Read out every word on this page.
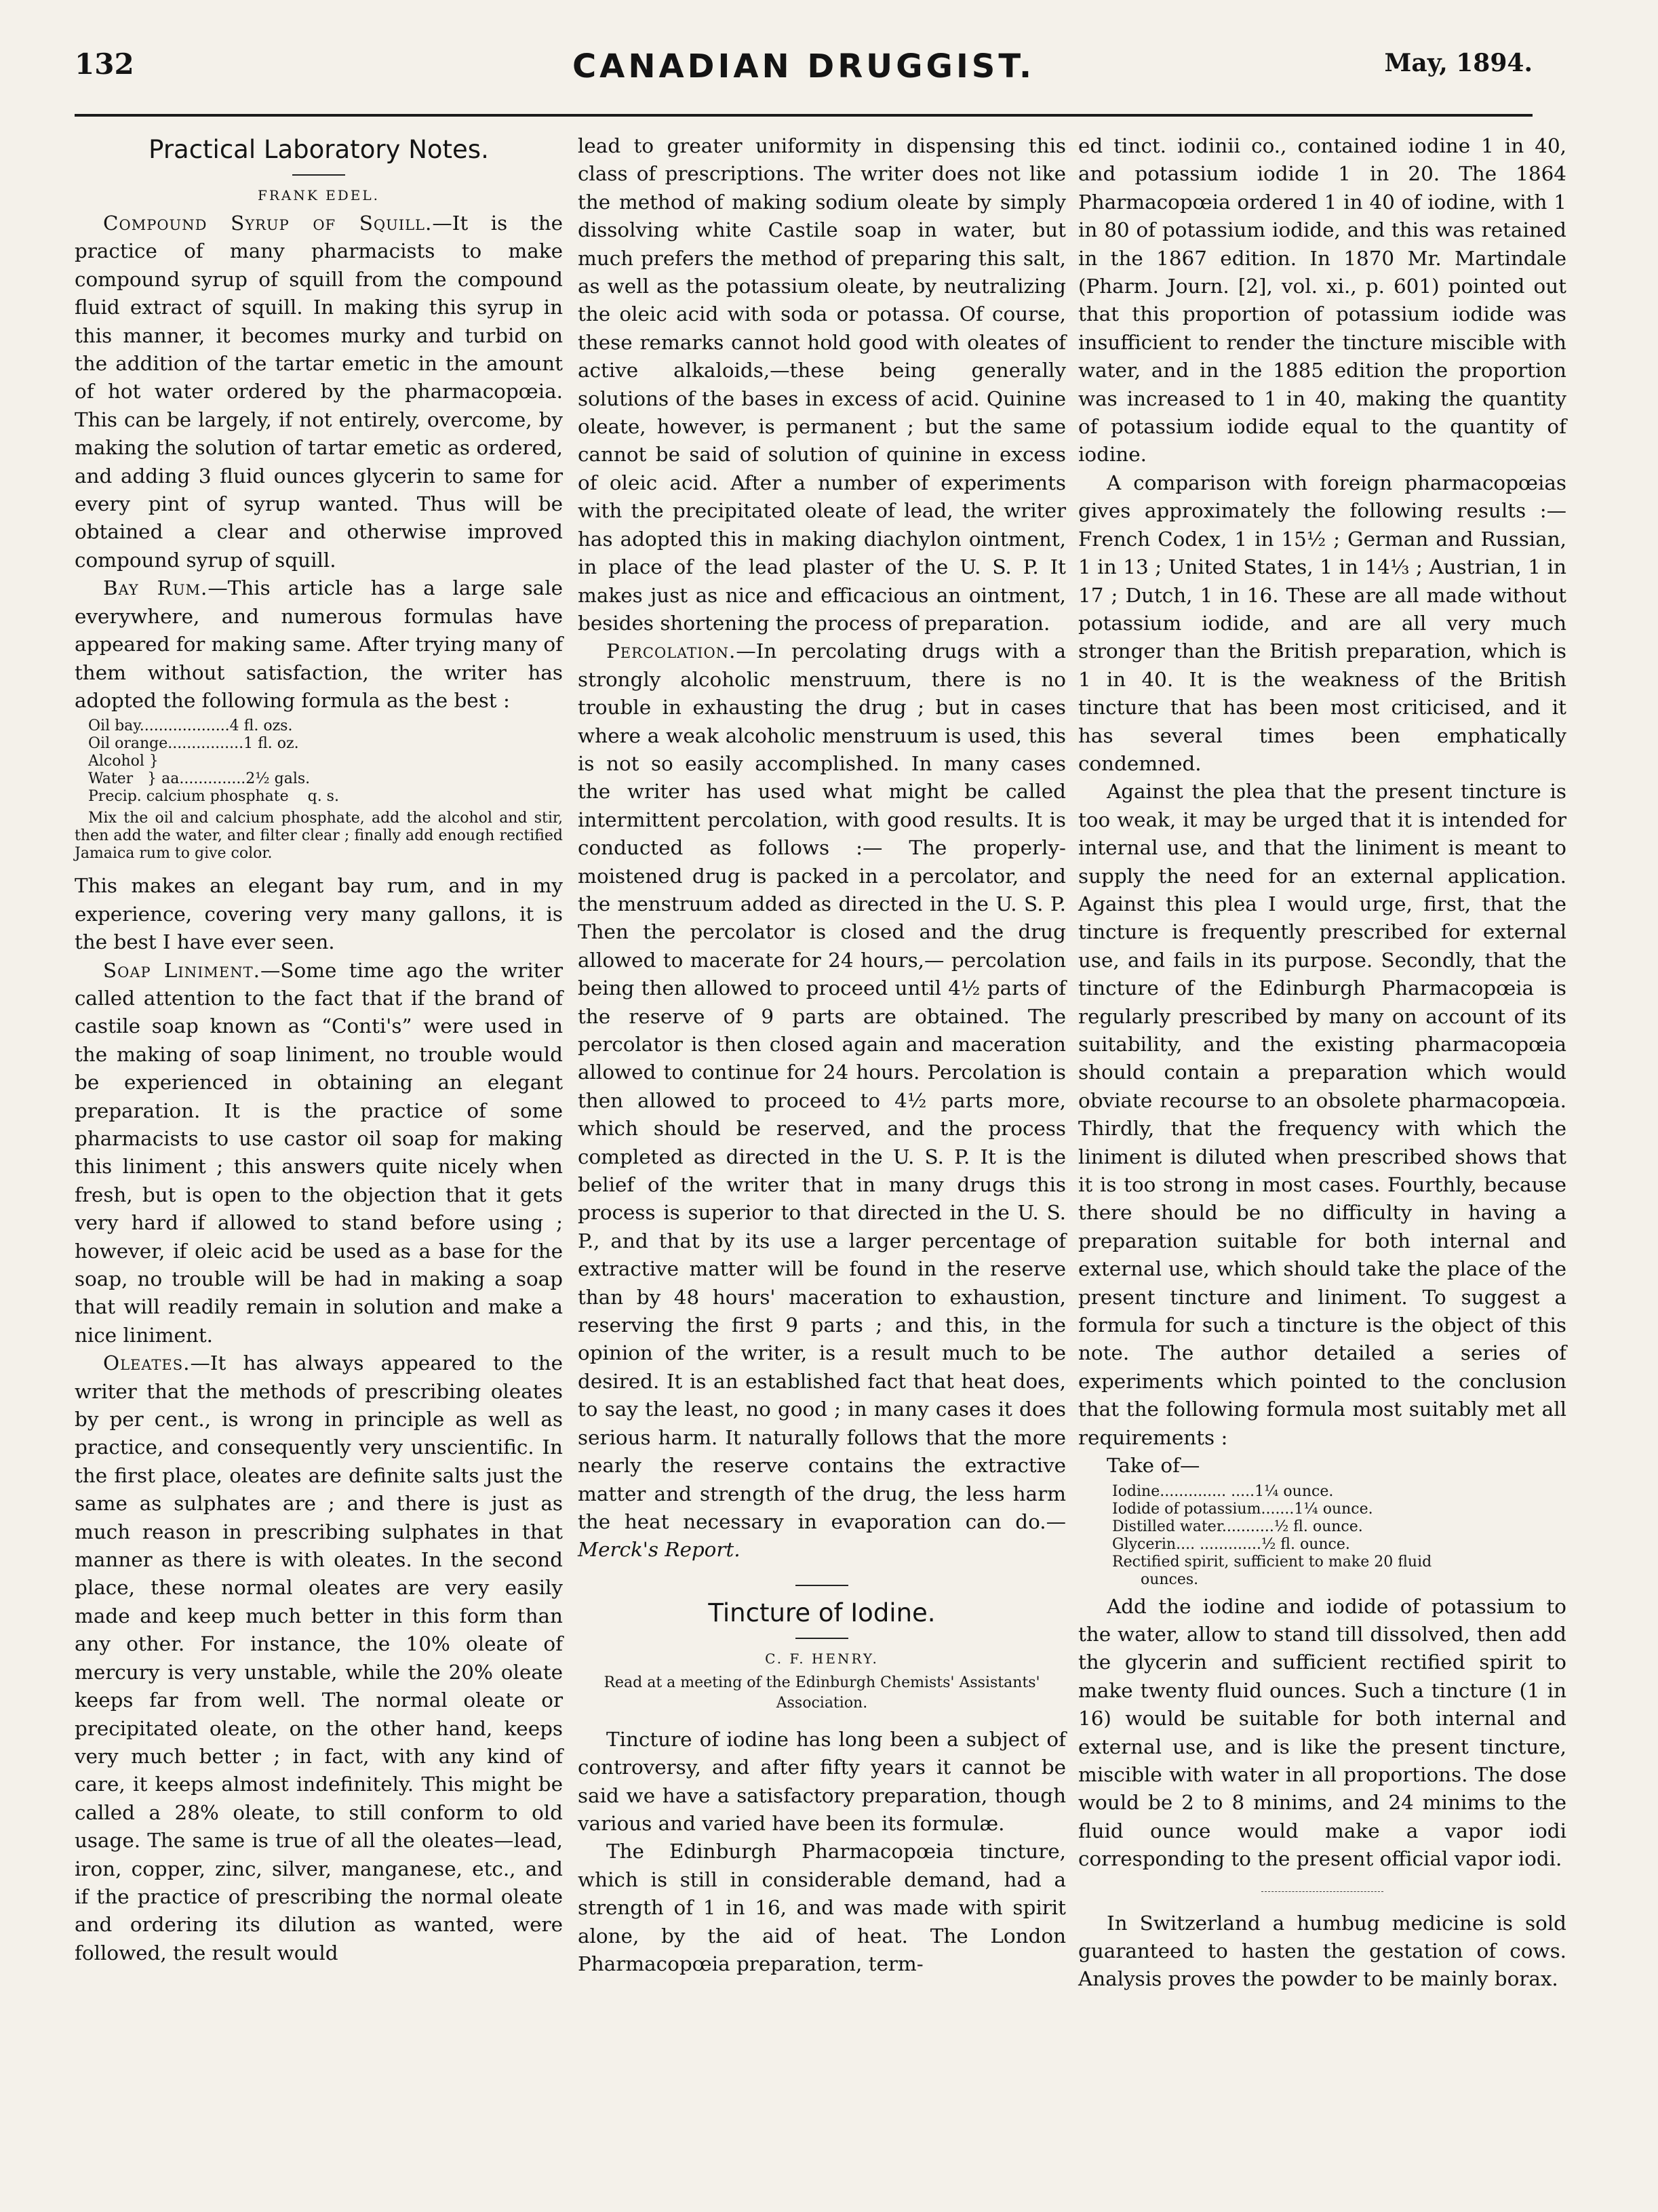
132	CANADIAN DRUGGIST.	May, 1894.
Practical Laboratory Notes.
FRANK EDEL.

Compound Syrup of Squill.—It is the practice of many pharmacists to make compound syrup of squill from the compound fluid extract of squill. In making this syrup in this manner, it becomes murky and turbid on the addition of the tartar emetic in the amount of hot water ordered by the pharmacopœia. This can be largely, if not entirely, overcome, by making the solution of tartar emetic as ordered, and adding 3 fluid ounces glycerin to same for every pint of syrup wanted. Thus will be obtained a clear and otherwise improved compound syrup of squill.

Bay Rum.—This article has a large sale everywhere, and numerous formulas have appeared for making same. After trying many of them without satisfaction, the writer has adopted the following formula as the best :

Oil bay...................4 fl. ozs.
Oil orange................1 fl. oz.
Alcohol }
Water   } aa..............2½ gals.
Precip. calcium phosphate    q. s.
Mix the oil and calcium phosphate, add the alcohol and stir, then add the water, and filter clear ; finally add enough rectified Jamaica rum to give color.

This makes an elegant bay rum, and in my experience, covering very many gallons, it is the best I have ever seen.

Soap Liniment.—Some time ago the writer called attention to the fact that if the brand of castile soap known as “Conti's” were used in the making of soap liniment, no trouble would be experienced in obtaining an elegant preparation. It is the practice of some pharmacists to use castor oil soap for making this liniment ; this answers quite nicely when fresh, but is open to the objection that it gets very hard if allowed to stand before using ; however, if oleic acid be used as a base for the soap, no trouble will be had in making a soap that will readily remain in solution and make a nice liniment.

Oleates.—It has always appeared to the writer that the methods of prescribing oleates by per cent., is wrong in principle as well as practice, and consequently very unscientific. In the first place, oleates are definite salts just the same as sulphates are ; and there is just as much reason in prescribing sulphates in that manner as there is with oleates. In the second place, these normal oleates are very easily made and keep much better in this form than any other. For instance, the 10% oleate of mercury is very unstable, while the 20% oleate keeps far from well. The normal oleate or precipitated oleate, on the other hand, keeps very much better ; in fact, with any kind of care, it keeps almost indefinitely. This might be called a 28% oleate, to still conform to old usage. The same is true of all the oleates—lead, iron, copper, zinc, silver, manganese, etc., and if the practice of prescribing the normal oleate and ordering its dilution as wanted, were followed, the result would

lead to greater uniformity in dispensing this class of prescriptions. The writer does not like the method of making sodium oleate by simply dissolving white Castile soap in water, but much prefers the method of preparing this salt, as well as the potassium oleate, by neutralizing the oleic acid with soda or potassa. Of course, these remarks cannot hold good with oleates of active alkaloids,—these being generally solutions of the bases in excess of acid. Quinine oleate, however, is permanent ; but the same cannot be said of solution of quinine in excess of oleic acid. After a number of experiments with the precipitated oleate of lead, the writer has adopted this in making diachylon ointment, in place of the lead plaster of the U. S. P. It makes just as nice and efficacious an ointment, besides shortening the process of preparation.

Percolation.—In percolating drugs with a strongly alcoholic menstruum, there is no trouble in exhausting the drug ; but in cases where a weak alcoholic menstruum is used, this is not so easily accomplished. In many cases the writer has used what might be called intermittent percolation, with good results. It is conducted as follows :— The properly-moistened drug is packed in a percolator, and the menstruum added as directed in the U. S. P. Then the percolator is closed and the drug allowed to macerate for 24 hours,— percolation being then allowed to proceed until 4½ parts of the reserve of 9 parts are obtained. The percolator is then closed again and maceration allowed to continue for 24 hours. Percolation is then allowed to proceed to 4½ parts more, which should be reserved, and the process completed as directed in the U. S. P. It is the belief of the writer that in many drugs this process is superior to that directed in the U. S. P., and that by its use a larger percentage of extractive matter will be found in the reserve than by 48 hours' maceration to exhaustion, reserving the first 9 parts ; and this, in the opinion of the writer, is a result much to be desired. It is an established fact that heat does, to say the least, no good ; in many cases it does serious harm. It naturally follows that the more nearly the reserve contains the extractive matter and strength of the drug, the less harm the heat necessary in evaporation can do.—Merck's Report.

Tincture of Iodine.
C. F. HENRY.
Read at a meeting of the Edinburgh Chemists' Assistants' Association.

Tincture of iodine has long been a subject of controversy, and after fifty years it cannot be said we have a satisfactory preparation, though various and varied have been its formulæ.

The Edinburgh Pharmacopœia tincture, which is still in considerable demand, had a strength of 1 in 16, and was made with spirit alone, by the aid of heat. The London Pharmacopœia preparation, term-

ed tinct. iodinii co., contained iodine 1 in 40, and potassium iodide 1 in 20. The 1864 Pharmacopœia ordered 1 in 40 of iodine, with 1 in 80 of potassium iodide, and this was retained in the 1867 edition. In 1870 Mr. Martindale (Pharm. Journ. [2], vol. xi., p. 601) pointed out that this proportion of potassium iodide was insufficient to render the tincture miscible with water, and in the 1885 edition the proportion was increased to 1 in 40, making the quantity of potassium iodide equal to the quantity of iodine.

A comparison with foreign pharmacopœias gives approximately the following results :—French Codex, 1 in 15½ ; German and Russian, 1 in 13 ; United States, 1 in 14⅓ ; Austrian, 1 in 17 ; Dutch, 1 in 16. These are all made without potassium iodide, and are all very much stronger than the British preparation, which is 1 in 40. It is the weakness of the British tincture that has been most criticised, and it has several times been emphatically condemned.

Against the plea that the present tincture is too weak, it may be urged that it is intended for internal use, and that the liniment is meant to supply the need for an external application. Against this plea I would urge, first, that the tincture is frequently prescribed for external use, and fails in its purpose. Secondly, that the tincture of the Edinburgh Pharmacopœia is regularly prescribed by many on account of its suitability, and the existing pharmacopœia should contain a preparation which would obviate recourse to an obsolete pharmacopœia. Thirdly, that the frequency with which the liniment is diluted when prescribed shows that it is too strong in most cases. Fourthly, because there should be no difficulty in having a preparation suitable for both internal and external use, which should take the place of the present tincture and liniment. To suggest a formula for such a tincture is the object of this note. The author detailed a series of experiments which pointed to the conclusion that the following formula most suitably met all requirements :

Take of—

Iodine.............. .....1¼ ounce.
Iodide of potassium.......1¼ ounce.
Distilled water...........½ fl. ounce.
Glycerin.... .............½ fl. ounce.
Rectified spirit, sufficient to make 20 fluid
ounces.

Add the iodine and iodide of potassium to the water, allow to stand till dissolved, then add the glycerin and sufficient rectified spirit to make twenty fluid ounces. Such a tincture (1 in 16) would be suitable for both internal and external use, and is like the present tincture, miscible with water in all proportions. The dose would be 2 to 8 minims, and 24 minims to the fluid ounce would make a vapor iodi corresponding to the present official vapor iodi.

In Switzerland a humbug medicine is sold guaranteed to hasten the gestation of cows. Analysis proves the powder to be mainly borax.
